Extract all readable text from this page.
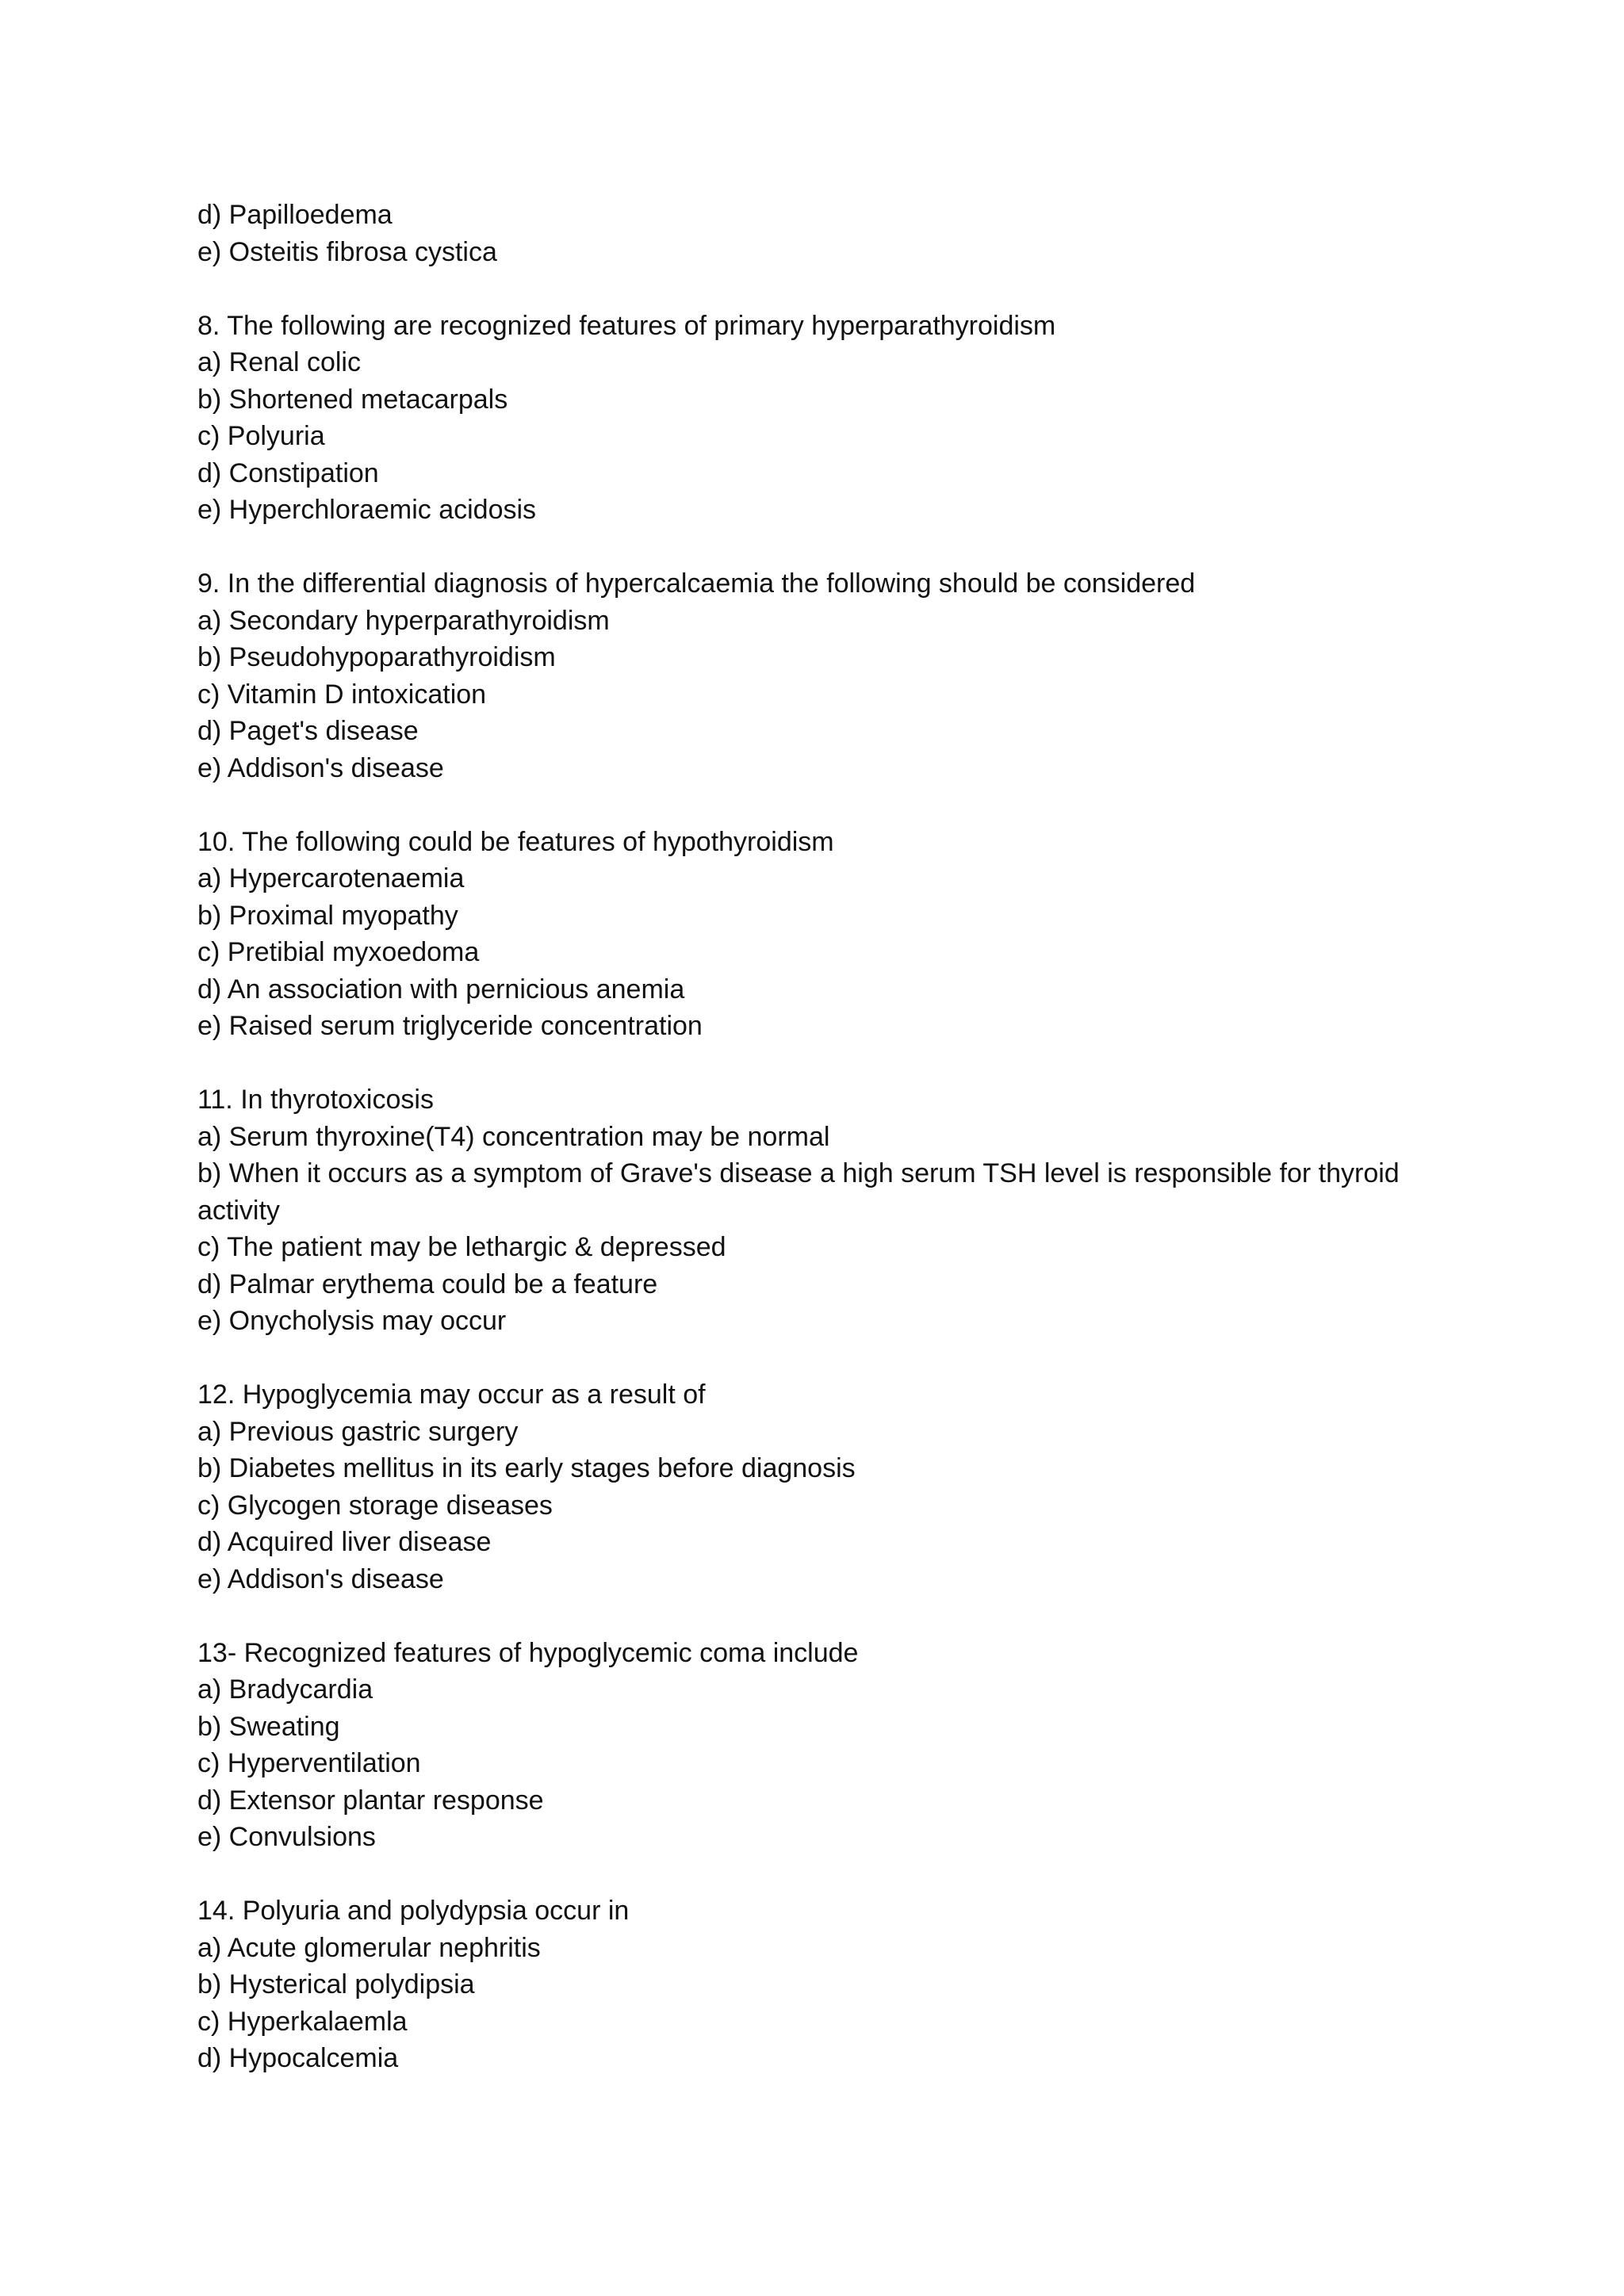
d) Papilloedema
e) Osteitis fibrosa cystica
8. The following are recognized features of primary hyperparathyroidism
a) Renal colic
b) Shortened metacarpals
c) Polyuria
d) Constipation
e) Hyperchloraemic acidosis
9. In the differential diagnosis of hypercalcaemia the following should be considered
a) Secondary hyperparathyroidism
b) Pseudohypoparathyroidism
c) Vitamin D intoxication
d) Paget's disease
e) Addison's disease
10. The following could be features of hypothyroidism
a) Hypercarotenaemia
b) Proximal myopathy
c) Pretibial myxoedoma
d) An association with pernicious anemia
e) Raised serum triglyceride concentration
11. In thyrotoxicosis
a) Serum thyroxine(T4) concentration may be normal
b) When it occurs as a symptom of Grave's disease a high serum TSH level is responsible for thyroid activity
c) The patient may be lethargic & depressed
d) Palmar erythema could be a feature
e) Onycholysis may occur
12. Hypoglycemia may occur as a result of
a) Previous gastric surgery
b) Diabetes mellitus in its early stages before diagnosis
c) Glycogen storage diseases
d) Acquired liver disease
e) Addison's disease
13- Recognized features of hypoglycemic coma include
a) Bradycardia
b) Sweating
c) Hyperventilation
d) Extensor plantar response
e) Convulsions
14. Polyuria and polydypsia occur in
a) Acute glomerular nephritis
b) Hysterical polydipsia
c) Hyperkalaemla
d) Hypocalcemia
